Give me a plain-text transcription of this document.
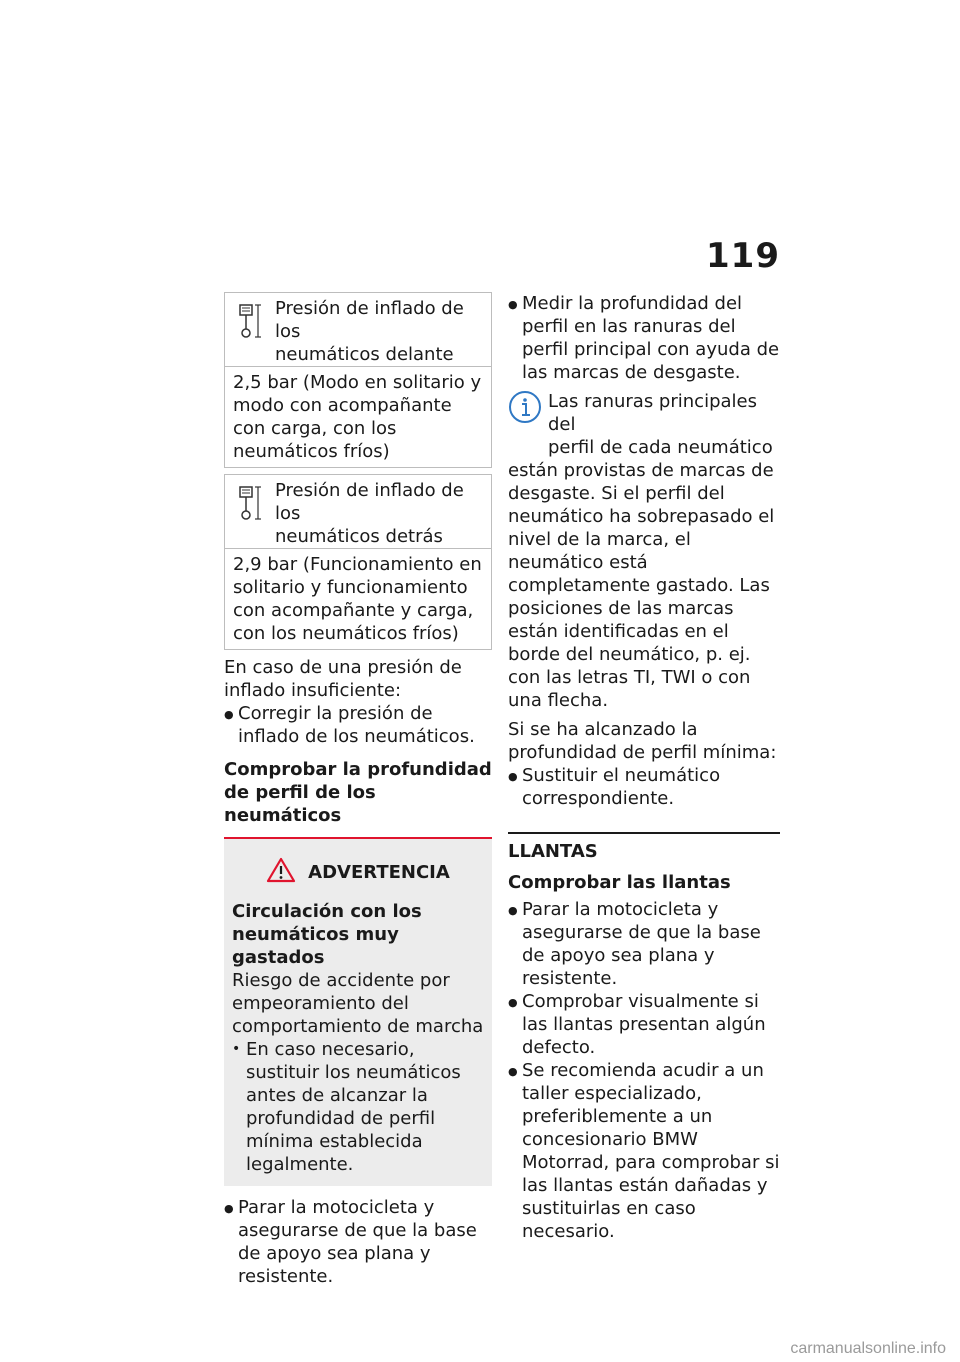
119

Presión de inflado de los

neumáticos delante

2,5 bar (Modo en solitario y modo con acompañante con carga, con los neumáticos fríos)

Presión de inflado de los

neumáticos detrás

2,9 bar (Funcionamiento en solitario y funcionamiento con acompañante y carga, con los neumáticos fríos)

En caso de una presión de inflado insuficiente:

● Corregir la presión de inflado de los neumáticos.
Comprobar la profundidad de perfil de los neumáticos
ADVERTENCIA

Circulación con los neumáticos muy gastados

Riesgo de accidente por empeoramiento del comportamiento de marcha

• En caso necesario, sustituir los neumáticos antes de alcanzar la profundidad de perfil mínima establecida legalmente.
● Parar la motocicleta y asegurarse de que la base de apoyo sea plana y resistente.
● Medir la profundidad del perfil en las ranuras del perfil principal con ayuda de las marcas de desgaste.

Las ranuras principales del

perfil de cada neumático

están provistas de marcas de desgaste. Si el perfil del neumático ha sobrepasado el nivel de la marca, el neumático está completamente gastado. Las posiciones de las marcas están identificadas en el borde del neumático, p. ej. con las letras TI, TWI o con una flecha.

Si se ha alcanzado la profundidad de perfil mínima:

● Sustituir el neumático correspondiente.

LLANTAS

Comprobar las llantas
● Parar la motocicleta y asegurarse de que la base de apoyo sea plana y resistente.
● Comprobar visualmente si las llantas presentan algún defecto.
● Se recomienda acudir a un taller especializado, preferiblemente a un concesionario BMW Motorrad, para comprobar si las llantas están dañadas y sustituirlas en caso necesario.
carmanualsonline.info
